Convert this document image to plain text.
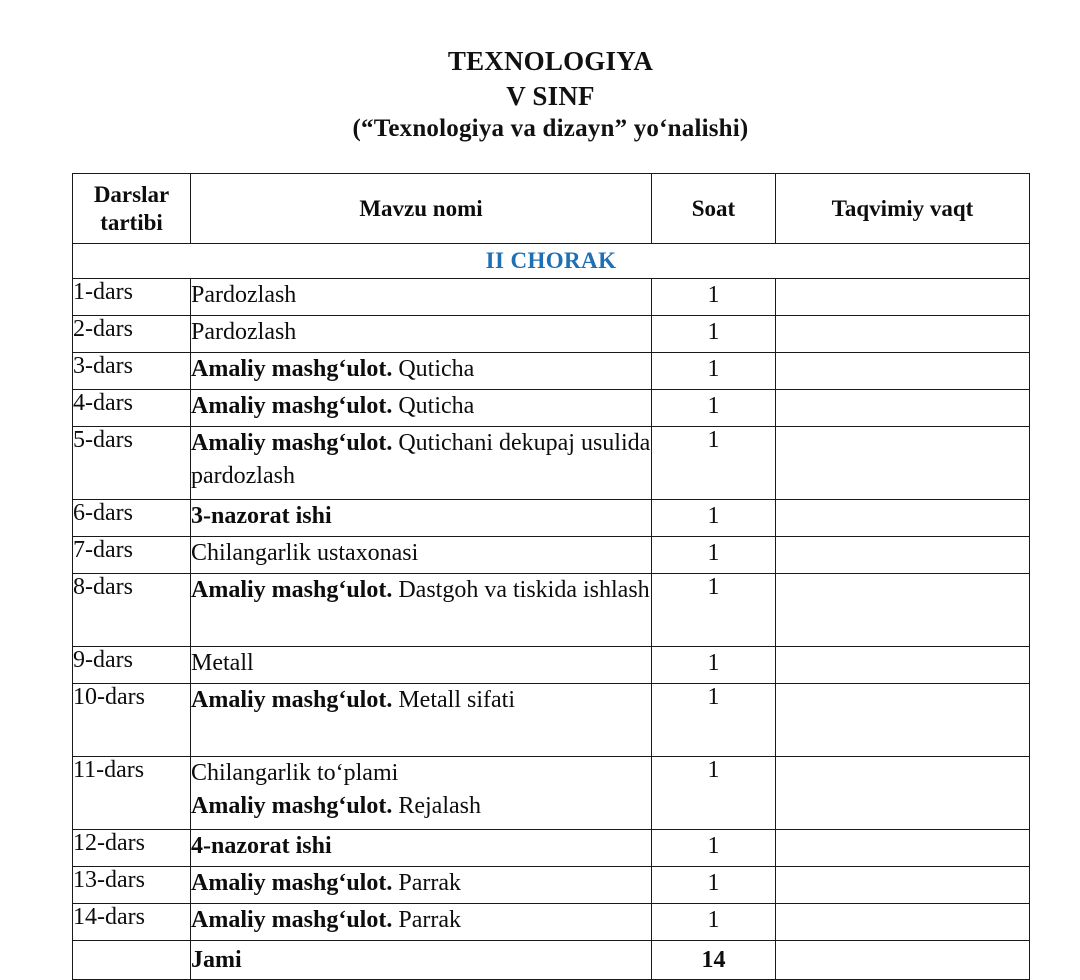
TEXNOLOGIYA
V SINF
(“Texnologiya va dizayn” yo‘nalishi)
Darslar tartibi	Mavzu nomi	Soat	Taqvimiy vaqt
II CHORAK			
1-dars	Pardozlash	1	
2-dars	Pardozlash	1	
3-dars	Amaliy mashg‘ulot. Quticha	1	
4-dars	Amaliy mashg‘ulot. Quticha	1	
5-dars	Amaliy mashg‘ulot. Qutichani dekupaj usulida pardozlash	1	
6-dars	3-nazorat ishi	1	
7-dars	Chilangarlik ustaxonasi	1	
8-dars	Amaliy mashg‘ulot. Dastgoh va tiskida ishlash	1	
9-dars	Metall	1	
10-dars	Amaliy mashg‘ulot. Metall sifati	1	
11-dars	Chilangarlik to‘plami
Amaliy mashg‘ulot. Rejalash	1	
12-dars	4-nazorat ishi	1	
13-dars	Amaliy mashg‘ulot. Parrak	1	
14-dars	Amaliy mashg‘ulot. Parrak	1	
	Jami	14	
